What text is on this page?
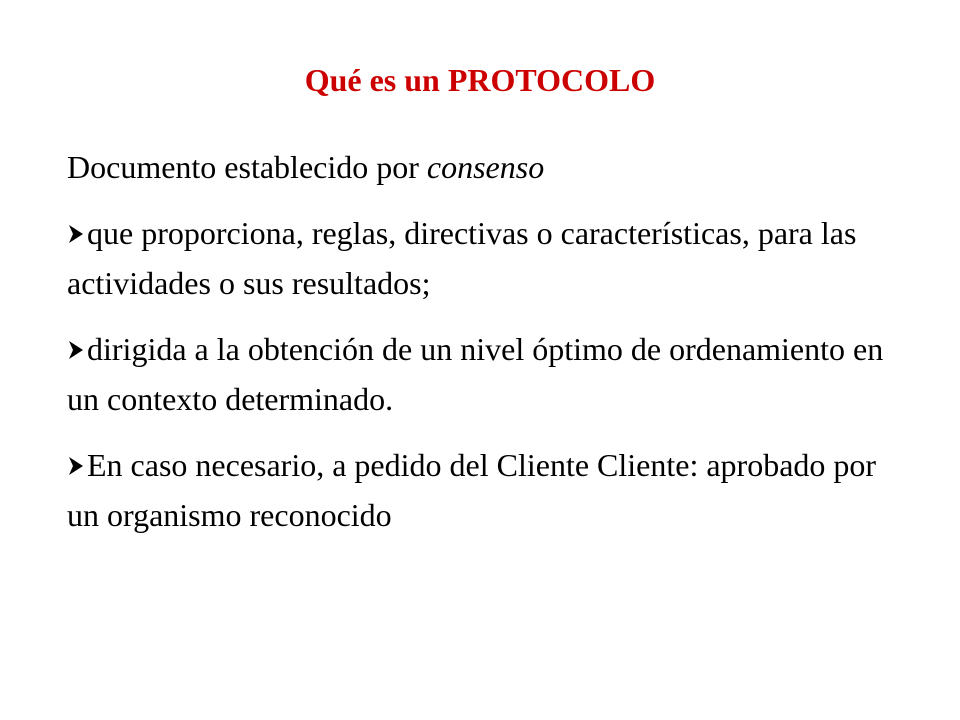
Qué es un PROTOCOLO

Documento establecido por consenso

que proporciona, reglas, directivas o características, para las actividades o sus resultados;

dirigida a la obtención de un nivel óptimo de ordenamiento en un contexto determinado.

En caso necesario, a pedido del Cliente Cliente: aprobado por un organismo reconocido
